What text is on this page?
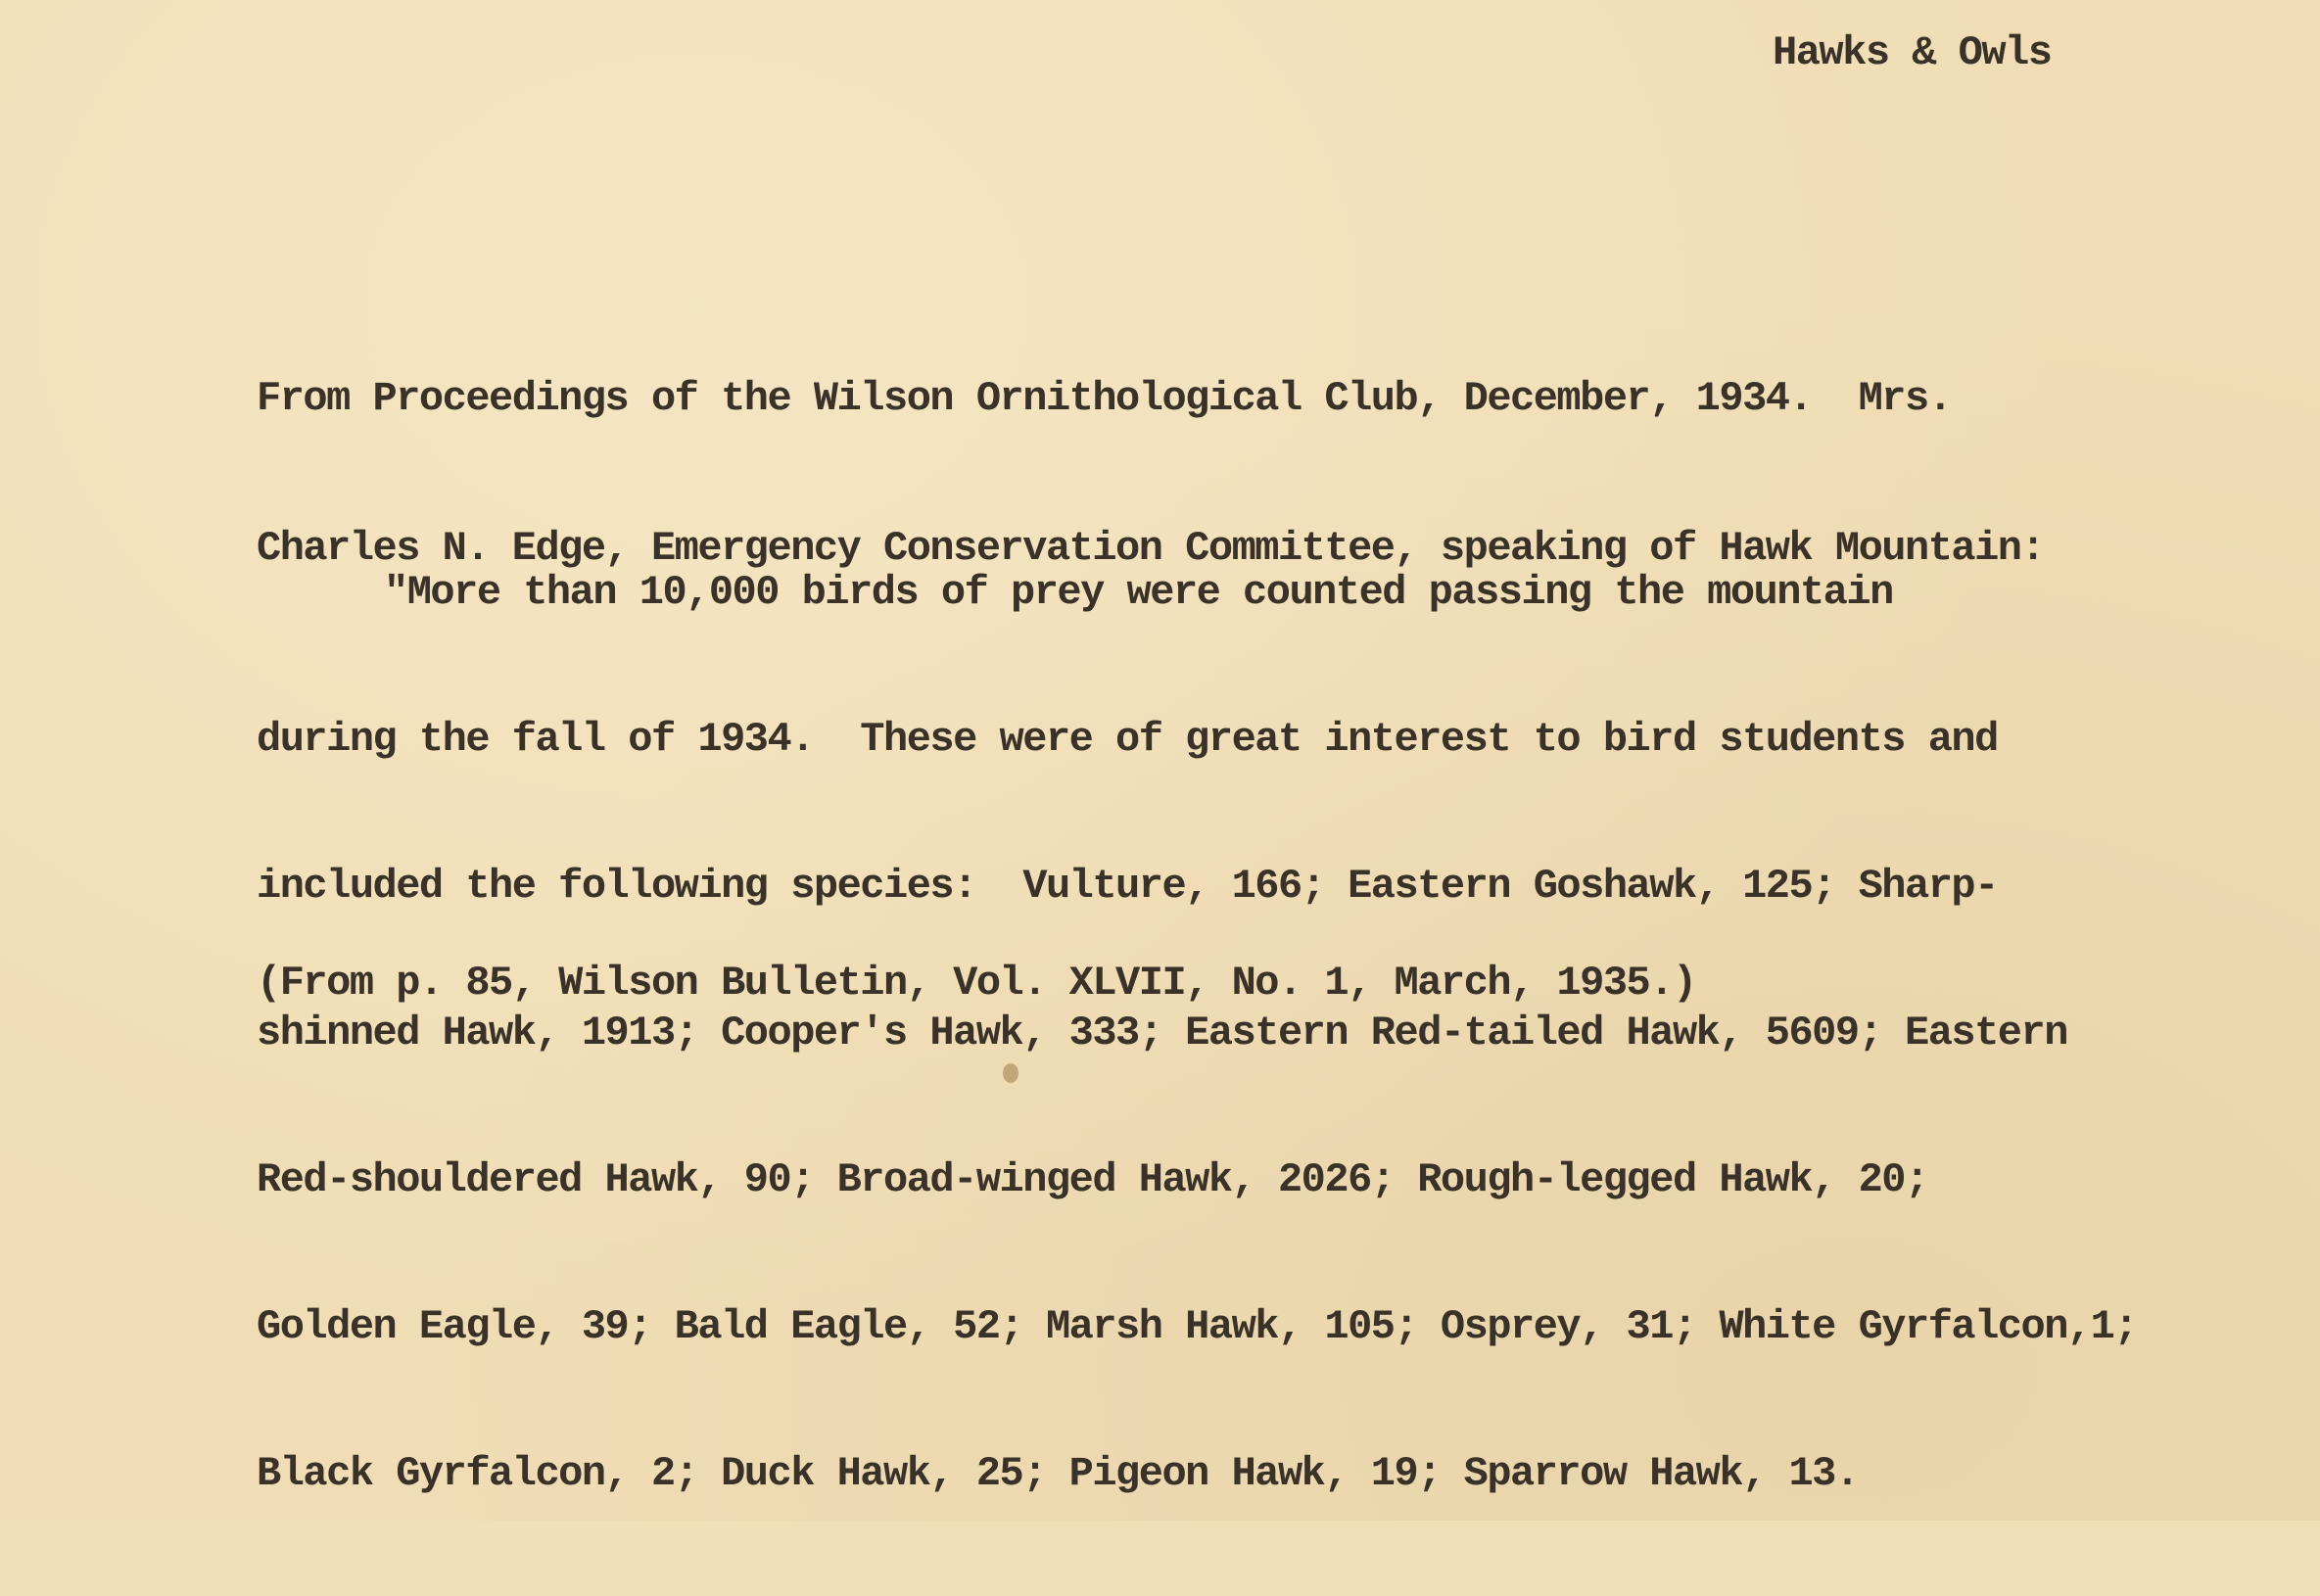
Hawks & Owls

From Proceedings of the Wilson Ornithological Club, December, 1934.  Mrs.

Charles N. Edge, Emergency Conservation Committee, speaking of Hawk Mountain:

"More than 10,000 birds of prey were counted passing the mountain

during the fall of 1934.  These were of great interest to bird students and

included the following species:  Vulture, 166; Eastern Goshawk, 125; Sharp-

shinned Hawk, 1913; Cooper's Hawk, 333; Eastern Red-tailed Hawk, 5609; Eastern

Red-shouldered Hawk, 90; Broad-winged Hawk, 2026; Rough-legged Hawk, 20;

Golden Eagle, 39; Bald Eagle, 52; Marsh Hawk, 105; Osprey, 31; White Gyrfalcon,1;

Black Gyrfalcon, 2; Duck Hawk, 25; Pigeon Hawk, 19; Sparrow Hawk, 13.

(From p. 85, Wilson Bulletin, Vol. XLVII, No. 1, March, 1935.)
